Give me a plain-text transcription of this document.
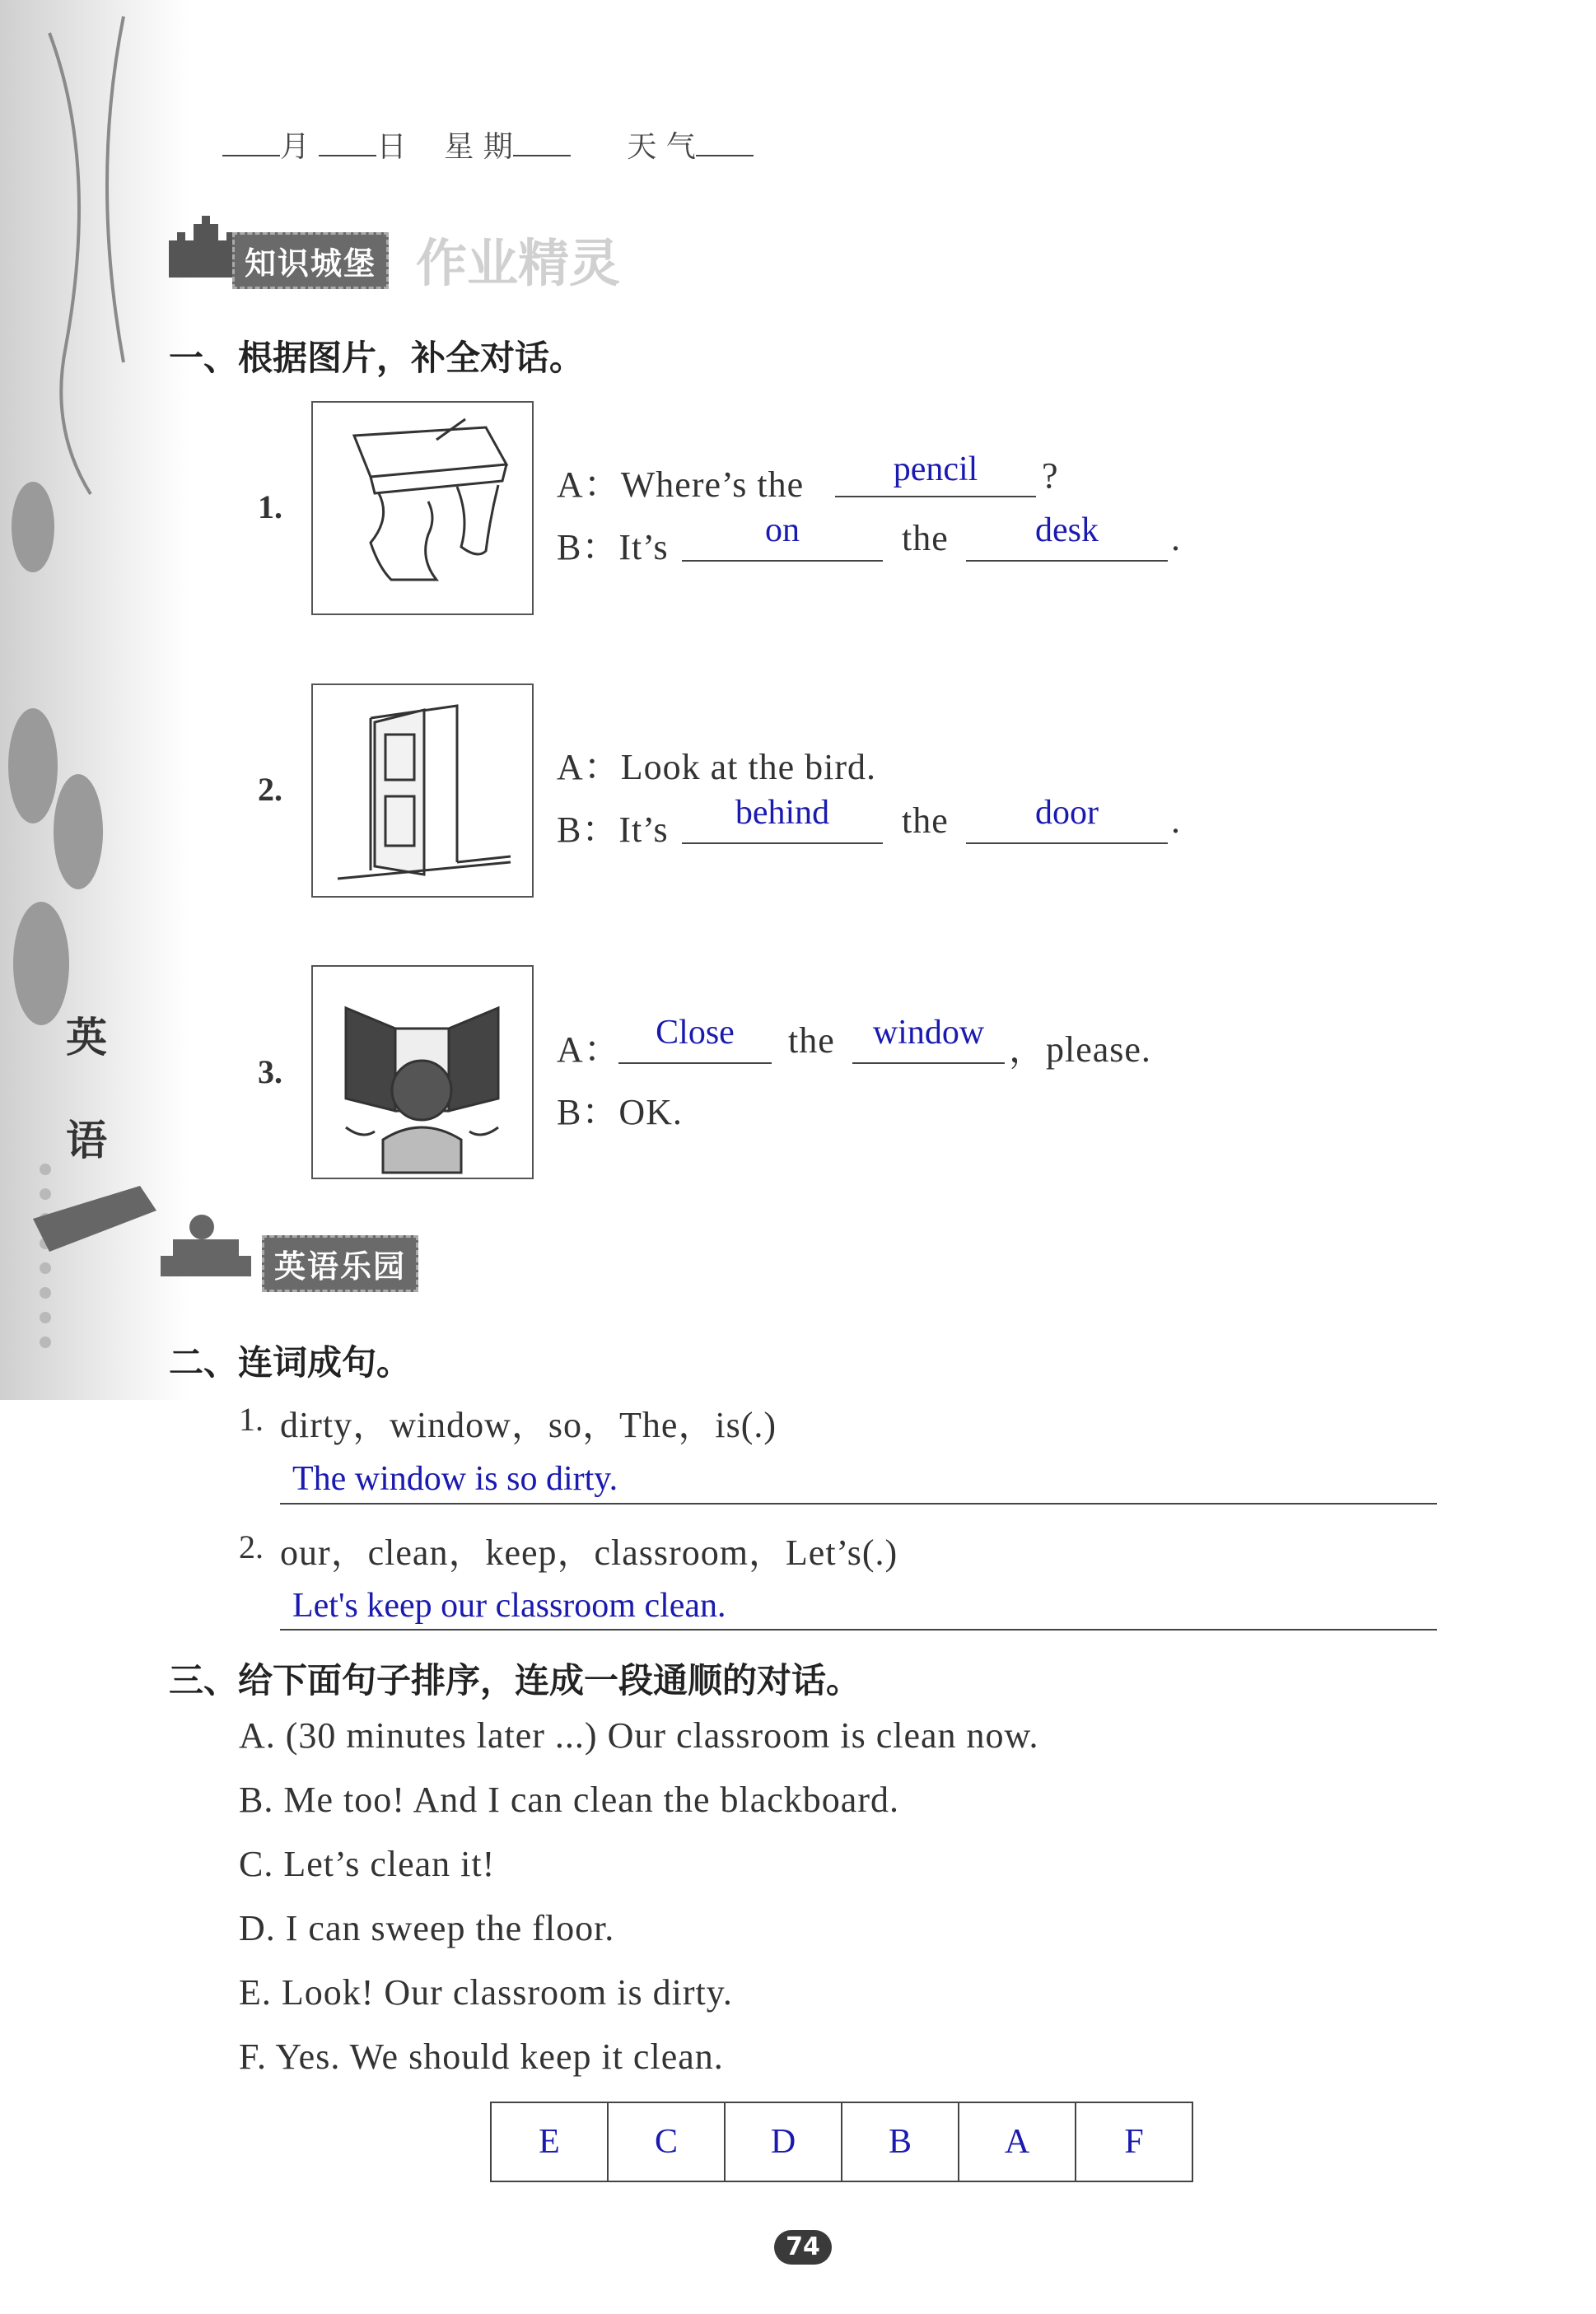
英
语
月 日 星 期	天 气
知识城堡 作业精灵
一、根据图片，补全对话。
1.
A：Where’s the	pencil	?
B：It’s	on	the	desk	.
2.
A：Look at the bird.
B：It’s	behind	the	door	.
3.
A：	Close	the	window ，please.
B：OK.
英语乐园
二、连词成句。
1. dirty，window，so，The，is(.)
The window is so dirty.
2. our，clean，keep，classroom，Let’s(.)
Let's keep our classroom clean.
三、给下面句子排序，连成一段通顺的对话。
A. (30 minutes later ...) Our classroom is clean now.
B. Me too! And I can clean the blackboard.
C. Let’s clean it!
D. I can sweep the floor.
E. Look! Our classroom is dirty.
F. Yes. We should keep it clean.
E	C	D	B	A	F
74
